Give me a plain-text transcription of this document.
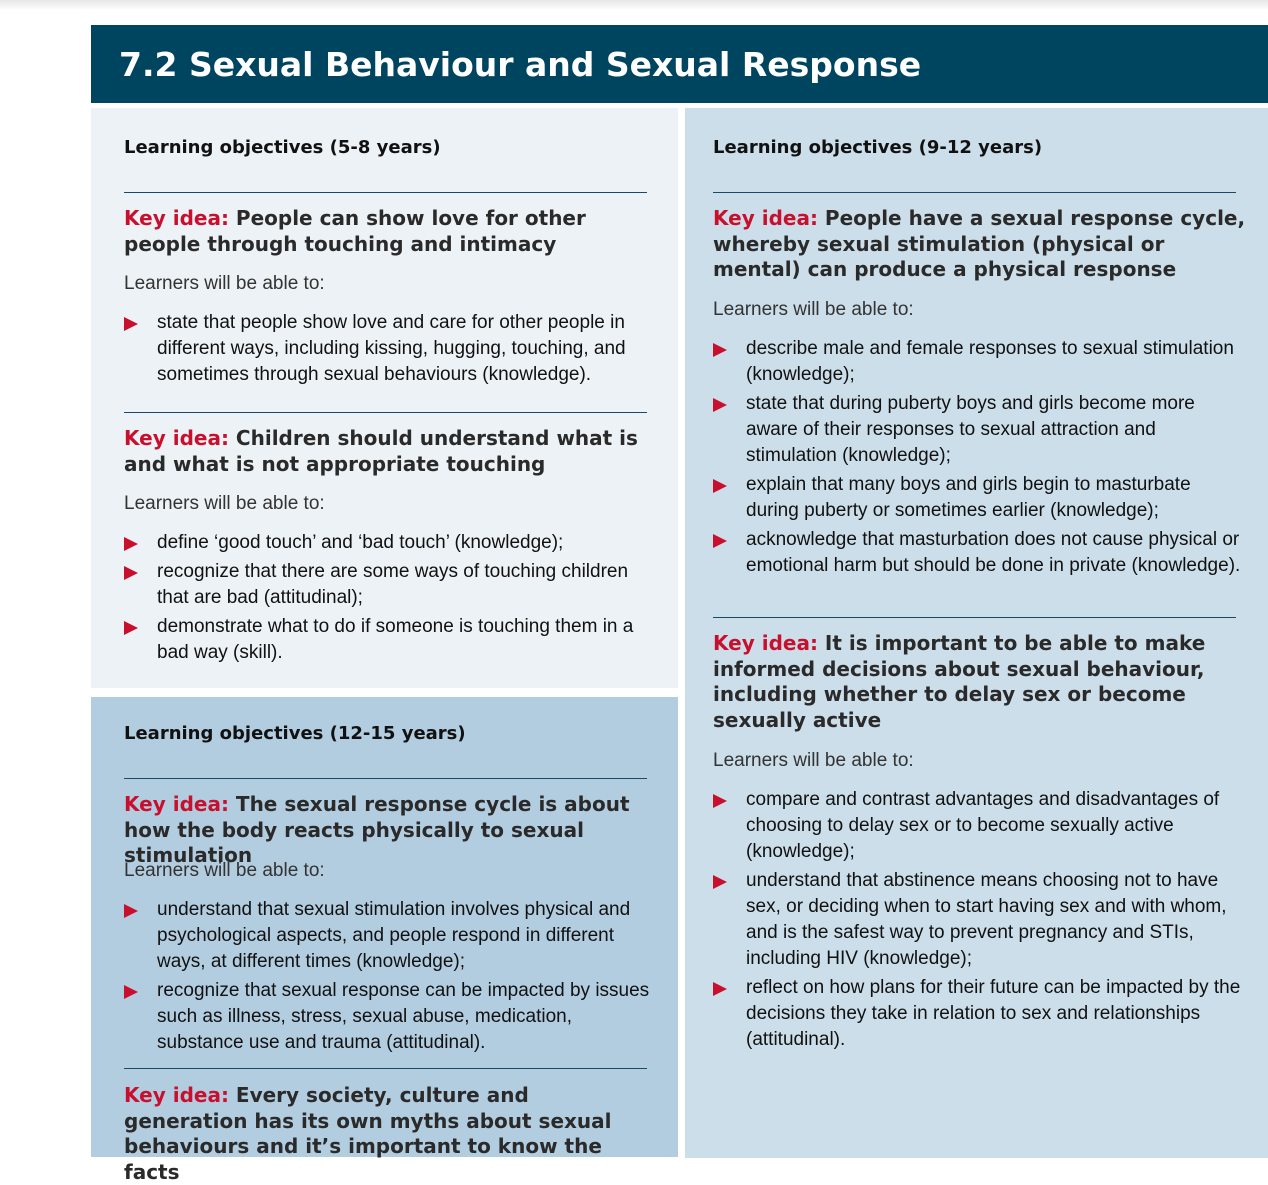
7.2 Sexual Behaviour and Sexual Response
Learning objectives (5-8 years)
Key idea: People can show love for other people through touching and intimacy

Learners will be able to:

state that people show love and care for other people in different ways, including kissing, hugging, touching, and sometimes through sexual behaviours (knowledge).
Key idea: Children should understand what is and what is not appropriate touching

Learners will be able to:

define ‘good touch’ and ‘bad touch’ (knowledge);
recognize that there are some ways of touching children that are bad (attitudinal);
demonstrate what to do if someone is touching them in a bad way (skill).
Learning objectives (12-15 years)
Key idea: The sexual response cycle is about how the body reacts physically to sexual stimulation

Learners will be able to:

understand that sexual stimulation involves physical and psychological aspects, and people respond in different ways, at different times (knowledge);
recognize that sexual response can be impacted by issues such as illness, stress, sexual abuse, medication, substance use and trauma (attitudinal).
Key idea: Every society, culture and generation has its own myths about sexual behaviours and it’s important to know the facts
Learning objectives (9-12 years)
Key idea: People have a sexual response cycle, whereby sexual stimulation (physical or mental) can produce a physical response

Learners will be able to:

describe male and female responses to sexual stimulation (knowledge);
state that during puberty boys and girls become more aware of their responses to sexual attraction and stimulation (knowledge);
explain that many boys and girls begin to masturbate during puberty or sometimes earlier (knowledge);
acknowledge that masturbation does not cause physical or emotional harm but should be done in private (knowledge).
Key idea: It is important to be able to make informed decisions about sexual behaviour, including whether to delay sex or become sexually active

Learners will be able to:

compare and contrast advantages and disadvantages of choosing to delay sex or to become sexually active (knowledge);
understand that abstinence means choosing not to have sex, or deciding when to start having sex and with whom, and is the safest way to prevent pregnancy and STIs, including HIV (knowledge);
reflect on how plans for their future can be impacted by the decisions they take in relation to sex and relationships (attitudinal).
